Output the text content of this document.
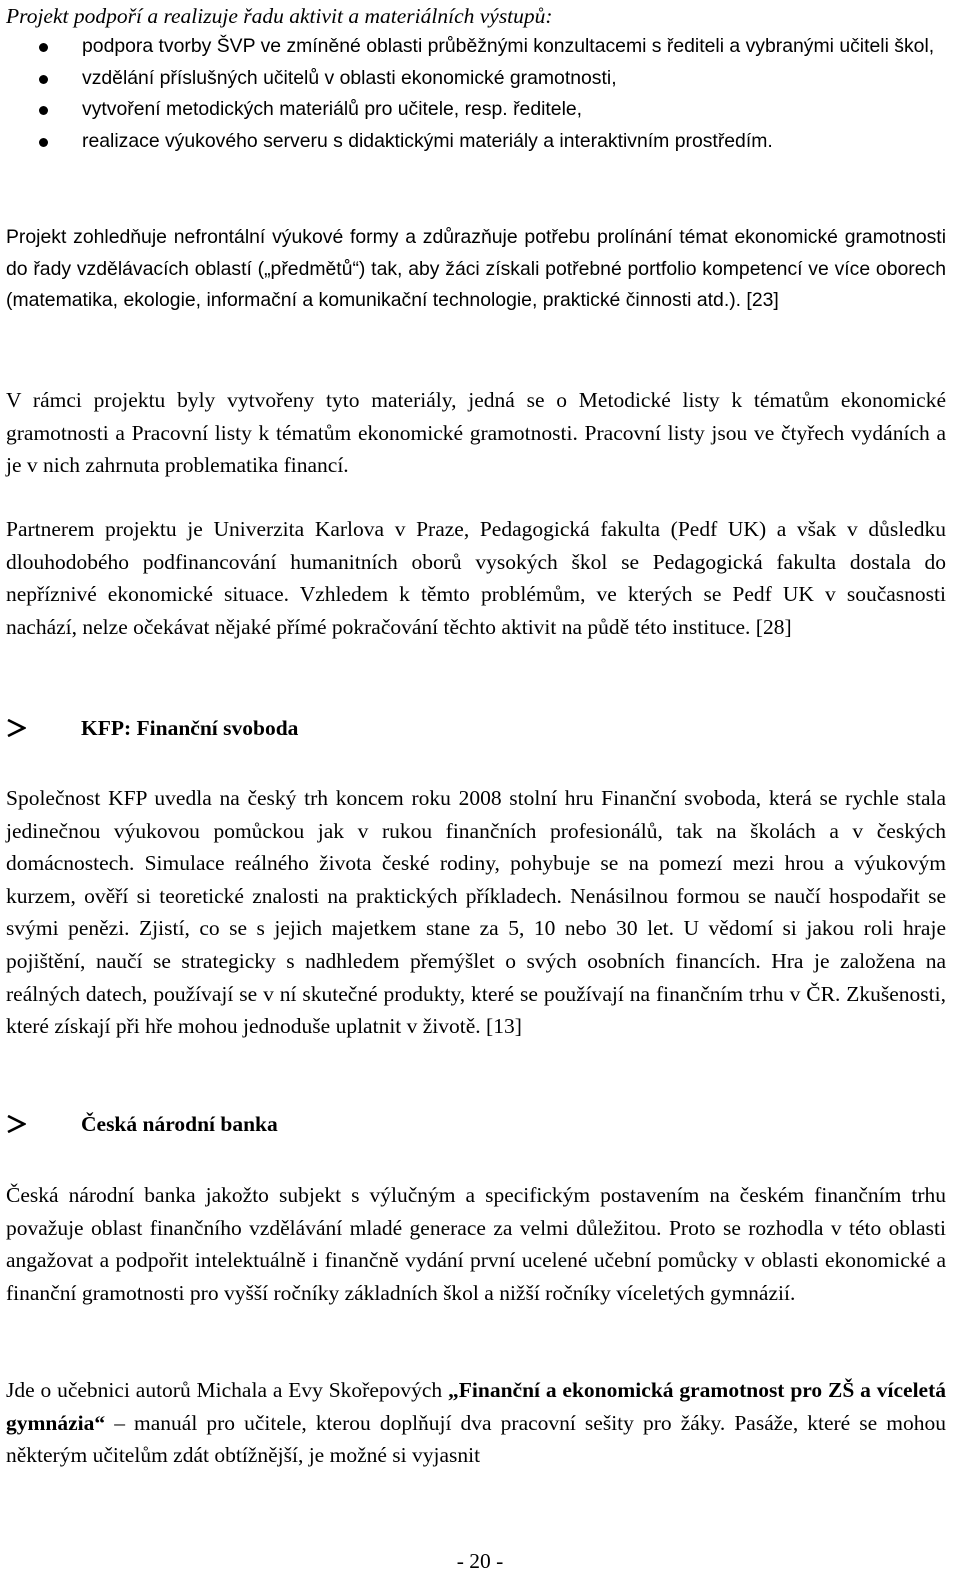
Projekt podpoří a realizuje řadu aktivit a materiálních výstupů:

podpora tvorby ŠVP ve zmíněné oblasti průběžnými konzultacemi s řediteli a vybranými učiteli škol,
vzdělání příslušných učitelů v oblasti ekonomické gramotnosti,
vytvoření metodických materiálů pro učitele, resp. ředitele,
realizace výukového serveru s didaktickými materiály a interaktivním prostředím.

Projekt zohledňuje nefrontální výukové formy a zdůrazňuje potřebu prolínání témat ekonomické gramotnosti do řady vzdělávacích oblastí („předmětů“) tak, aby žáci získali potřebné portfolio kompetencí ve více oborech (matematika, ekologie, informační a komunikační technologie, praktické činnosti atd.). [23]

V rámci projektu byly vytvořeny tyto materiály, jedná se o Metodické listy k tématům ekonomické gramotnosti a Pracovní listy k tématům ekonomické gramotnosti. Pracovní listy jsou ve čtyřech vydáních a je v nich zahrnuta problematika financí.

Partnerem projektu je Univerzita Karlova v Praze, Pedagogická fakulta (Pedf UK) a však v důsledku dlouhodobého podfinancování humanitních oborů vysokých škol se Pedagogická fakulta dostala do nepříznivé ekonomické situace. Vzhledem k těmto problémům, ve kterých se Pedf UK v současnosti nachází, nelze očekávat nějaké přímé pokračování těchto aktivit na půdě této instituce. [28]

KFP: Finanční svoboda

Společnost KFP uvedla na český trh koncem roku 2008 stolní hru Finanční svoboda, která se rychle stala jedinečnou výukovou pomůckou jak v rukou finančních profesionálů, tak na školách a v českých domácnostech. Simulace reálného života české rodiny, pohybuje se na pomezí mezi hrou a výukovým kurzem, ověří si teoretické znalosti na praktických příkladech. Nenásilnou formou se naučí hospodařit se svými penězi. Zjistí, co se s jejich majetkem stane za 5, 10 nebo 30 let. U vědomí si jakou roli hraje pojištění, naučí se strategicky s nadhledem přemýšlet o svých osobních financích. Hra je založena na reálných datech, používají se v ní skutečné produkty, které se používají na finančním trhu v ČR. Zkušenosti, které získají při hře mohou jednoduše uplatnit v životě. [13]

Česká národní banka

Česká národní banka jakožto subjekt s výlučným a specifickým postavením na českém finančním trhu považuje oblast finančního vzdělávání mladé generace za velmi důležitou. Proto se rozhodla v této oblasti angažovat a podpořit intelektuálně i finančně vydání první ucelené učební pomůcky v oblasti ekonomické a finanční gramotnosti pro vyšší ročníky základních škol a nižší ročníky víceletých gymnázií.

Jde o učebnici autorů Michala a Evy Skořepových „Finanční a ekonomická gramotnost pro ZŠ a víceletá gymnázia“ – manuál pro učitele, kterou doplňují dva pracovní sešity pro žáky. Pasáže, které se mohou některým učitelům zdát obtížnější, je možné si vyjasnit

- 20 -
